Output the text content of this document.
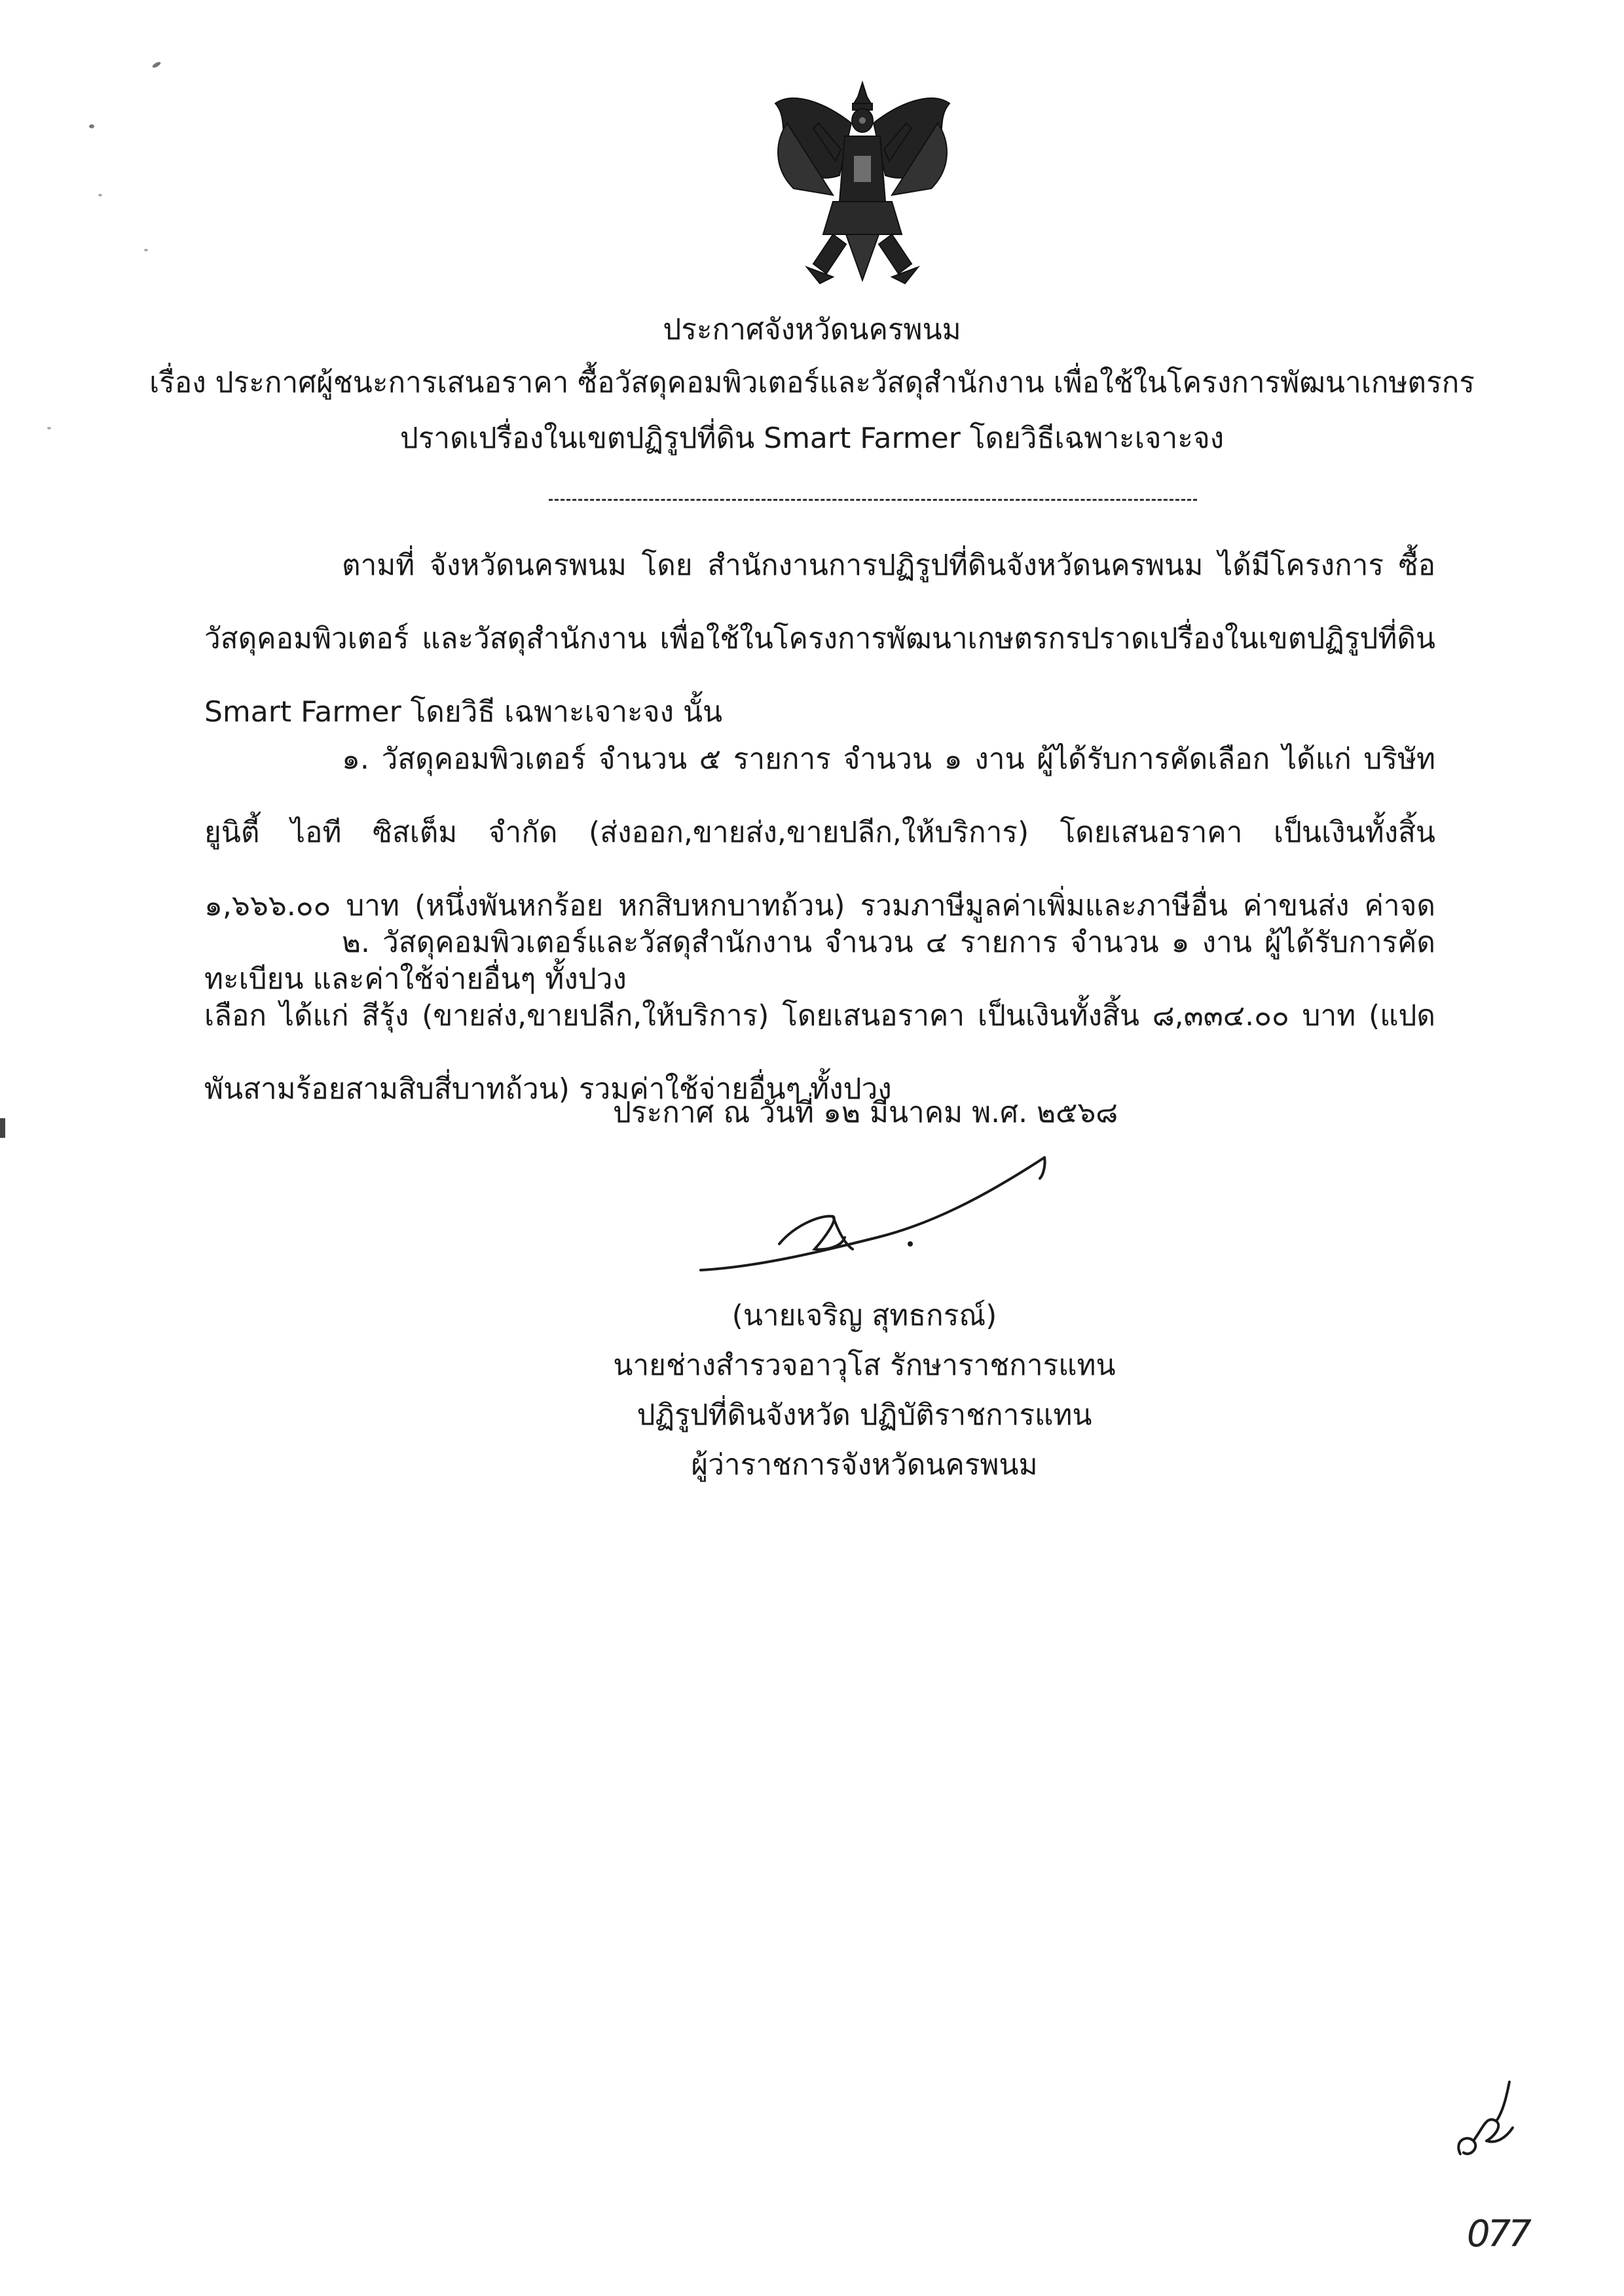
ประกาศจังหวัดนครพนม
เรื่อง ประกาศผู้ชนะการเสนอราคา ซื้อวัสดุคอมพิวเตอร์และวัสดุสำนักงาน เพื่อใช้ในโครงการพัฒนาเกษตรกร
ปราดเปรื่องในเขตปฏิรูปที่ดิน Smart Farmer โดยวิธีเฉพาะเจาะจง

ตามที่ จังหวัดนครพนม โดย สำนักงานการปฏิรูปที่ดินจังหวัดนครพนม ได้มีโครงการ ซื้อวัสดุคอมพิวเตอร์ และวัสดุสำนักงาน เพื่อใช้ในโครงการพัฒนาเกษตรกรปราดเปรื่องในเขตปฏิรูปที่ดิน Smart Farmer โดยวิธี เฉพาะเจาะจง นั้น

๑. วัสดุคอมพิวเตอร์ จำนวน ๕ รายการ จำนวน ๑ งาน ผู้ได้รับการคัดเลือก ได้แก่ บริษัท ยูนิตี้ ไอที ซิสเต็ม จำกัด (ส่งออก,ขายส่ง,ขายปลีก,ให้บริการ) โดยเสนอราคา เป็นเงินทั้งสิ้น ๑,๖๖๖.๐๐ บาท (หนึ่งพันหกร้อย หกสิบหกบาทถ้วน) รวมภาษีมูลค่าเพิ่มและภาษีอื่น ค่าขนส่ง ค่าจดทะเบียน และค่าใช้จ่ายอื่นๆ ทั้งปวง

๒. วัสดุคอมพิวเตอร์และวัสดุสำนักงาน จำนวน ๔ รายการ จำนวน ๑ งาน ผู้ได้รับการคัดเลือก ได้แก่ สีรุ้ง (ขายส่ง,ขายปลีก,ให้บริการ) โดยเสนอราคา เป็นเงินทั้งสิ้น ๘,๓๓๔.๐๐ บาท (แปดพันสามร้อยสามสิบสี่บาทถ้วน) รวมค่าใช้จ่ายอื่นๆ ทั้งปวง

ประกาศ ณ วันที่ ๑๒ มีนาคม พ.ศ. ๒๕๖๘
(นายเจริญ สุทธกรณ์)
นายช่างสำรวจอาวุโส รักษาราชการแทน
ปฏิรูปที่ดินจังหวัด ปฏิบัติราชการแทน
ผู้ว่าราชการจังหวัดนครพนม
077
